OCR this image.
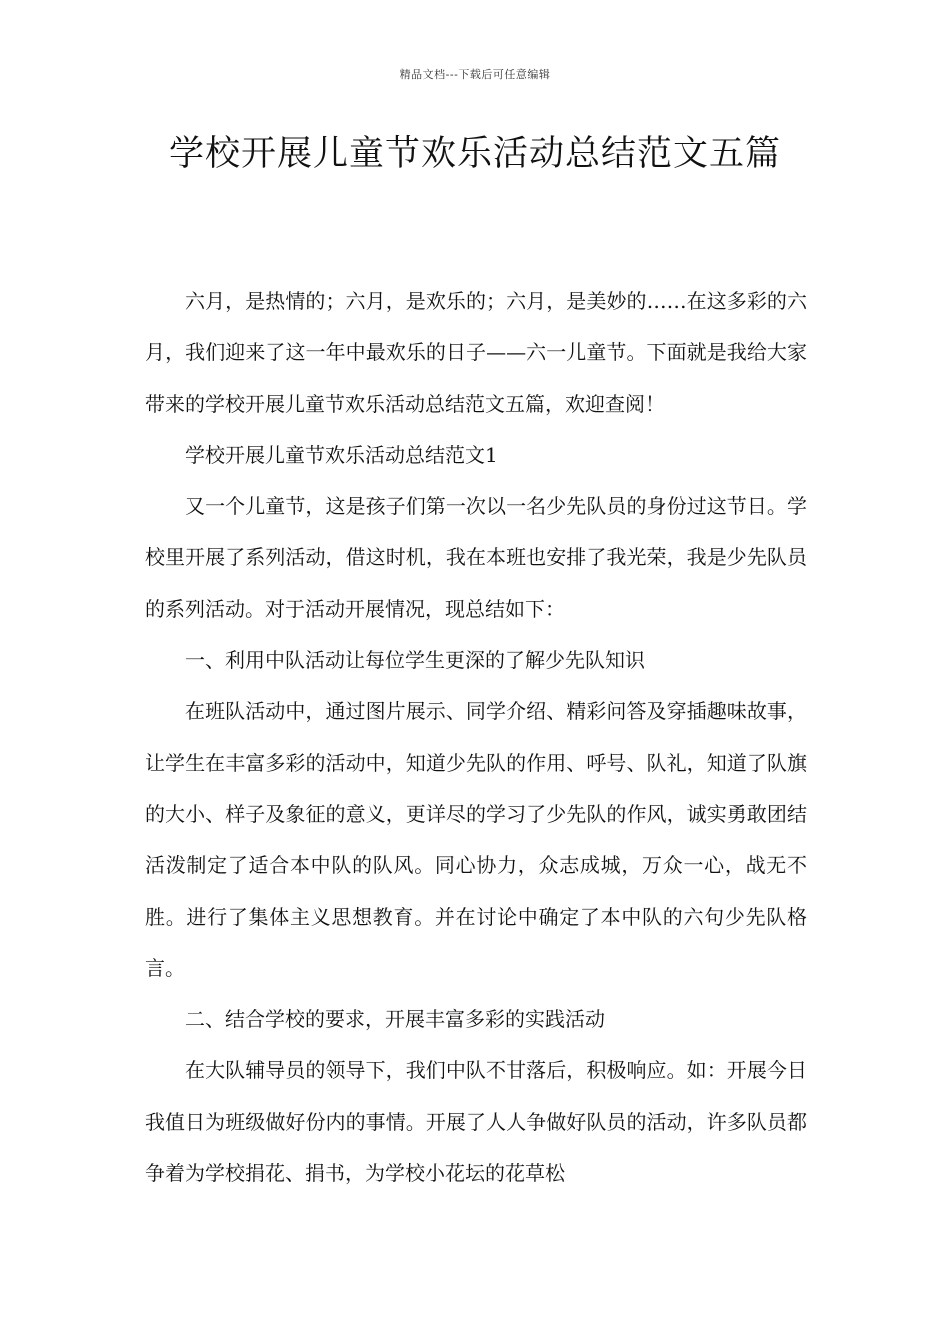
精品文档---下载后可任意编辑
学校开展儿童节欢乐活动总结范文五篇

六月，是热情的；六月，是欢乐的；六月，是美妙的……在这多彩的六月，我们迎来了这一年中最欢乐的日子——六一儿童节。下面就是我给大家带来的学校开展儿童节欢乐活动总结范文五篇，欢迎查阅！

学校开展儿童节欢乐活动总结范文1

又一个儿童节，这是孩子们第一次以一名少先队员的身份过这节日。学校里开展了系列活动，借这时机，我在本班也安排了我光荣，我是少先队员的系列活动。对于活动开展情况，现总结如下：

一、利用中队活动让每位学生更深的了解少先队知识

在班队活动中，通过图片展示、同学介绍、精彩问答及穿插趣味故事，让学生在丰富多彩的活动中，知道少先队的作用、呼号、队礼，知道了队旗的大小、样子及象征的意义，更详尽的学习了少先队的作风，诚实勇敢团结活泼制定了适合本中队的队风。同心协力，众志成城，万众一心，战无不胜。进行了集体主义思想教育。并在讨论中确定了本中队的六句少先队格言。

二、结合学校的要求，开展丰富多彩的实践活动

在大队辅导员的领导下，我们中队不甘落后，积极响应。如：开展今日我值日为班级做好份内的事情。开展了人人争做好队员的活动，许多队员都争着为学校捐花、捐书，为学校小花坛的花草松
